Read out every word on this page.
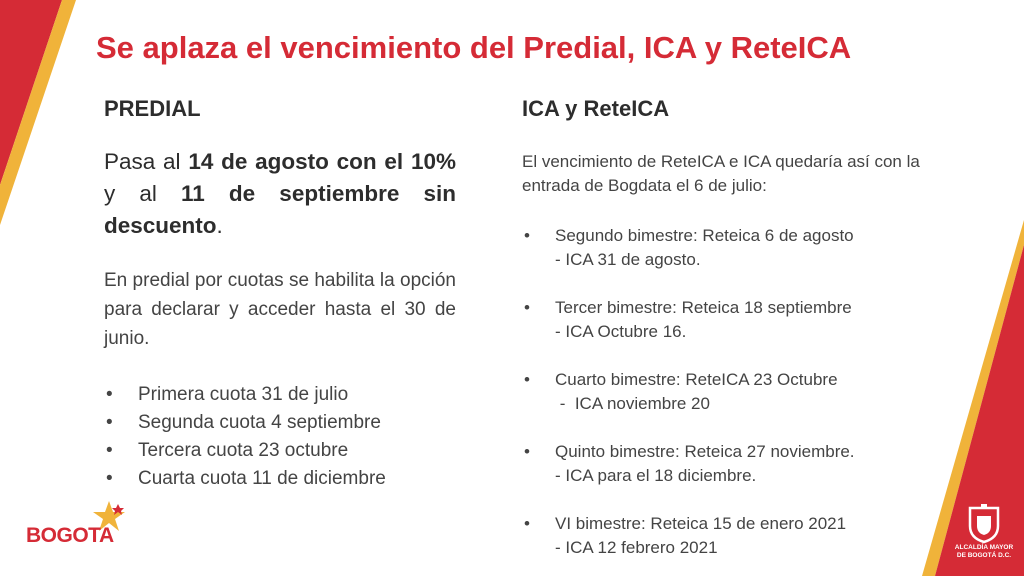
Se aplaza el vencimiento del Predial, ICA y ReteICA
PREDIAL

Pasa al 14 de agosto con el 10% y al 11 de septiembre sin descuento.

En predial por cuotas se habilita la opción para declarar y acceder hasta el 30 de junio.

• Primera cuota 31 de julio
• Segunda cuota 4 septiembre
• Tercera cuota 23 octubre
• Cuarta cuota 11 de diciembre
ICA y ReteICA

El vencimiento de ReteICA e ICA quedaría así con la entrada de Bogdata el 6 de julio:

• Segundo bimestre: Reteica 6 de agosto
- ICA 31 de agosto.
• Tercer bimestre: Reteica 18 septiembre
- ICA Octubre 16.
• Cuarto bimestre: ReteICA 23 Octubre
-  ICA noviembre 20
• Quinto bimestre: Reteica 27 noviembre.
- ICA para el 18 diciembre.
• VI bimestre: Reteica 15 de enero 2021
- ICA 12 febrero 2021
BOGOTA
ALCALDÍA MAYOR
DE BOGOTÁ D.C.
